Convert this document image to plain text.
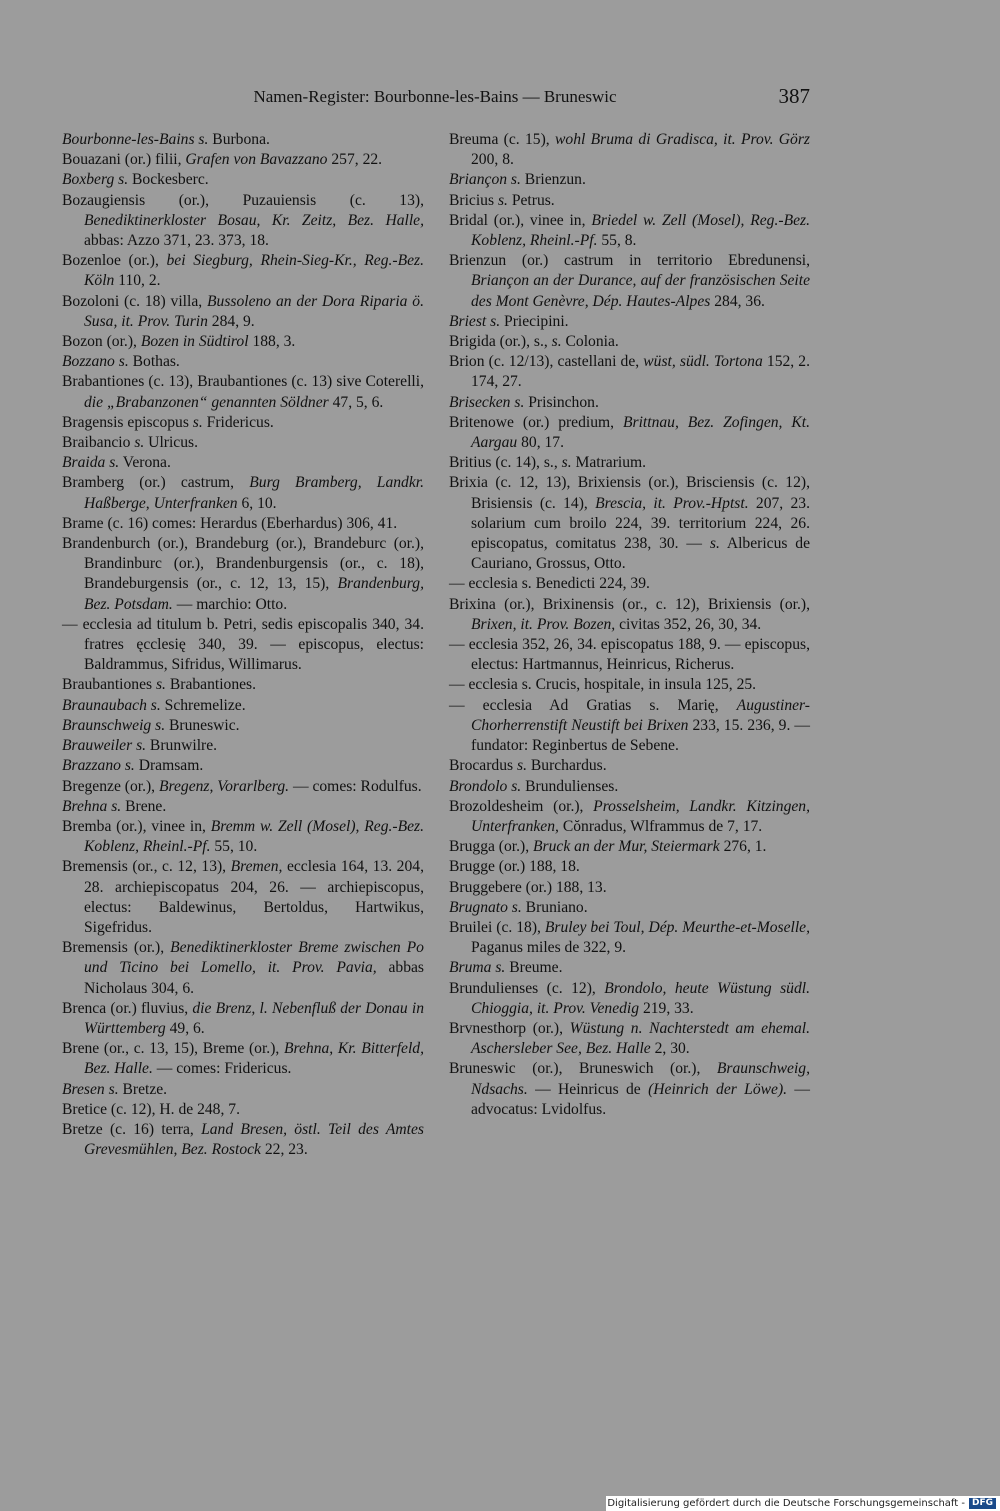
Namen-Register: Bourbonne-les-Bains — Bruneswic	387

Bourbonne-les-Bains s. Burbona.

Bouazani (or.) filii, Grafen von Bavazzano 257, 22.

Boxberg s. Bockesberc.

Bozaugiensis (or.), Puzauiensis (c. 13), Benediktinerkloster Bosau, Kr. Zeitz, Bez. Halle, abbas: Azzo 371, 23. 373, 18.

Bozenloe (or.), bei Siegburg, Rhein-Sieg-Kr., Reg.-Bez. Köln 110, 2.

Bozoloni (c. 18) villa, Bussoleno an der Dora Riparia ö. Susa, it. Prov. Turin 284, 9.

Bozon (or.), Bozen in Südtirol 188, 3.

Bozzano s. Bothas.

Brabantiones (c. 13), Braubantiones (c. 13) sive Coterelli, die „Brabanzonen“ genannten Söldner 47, 5, 6.

Bragensis episcopus s. Fridericus.

Braibancio s. Ulricus.

Braida s. Verona.

Bramberg (or.) castrum, Burg Bramberg, Landkr. Haßberge, Unterfranken 6, 10.

Brame (c. 16) comes: Herardus (Eberhardus) 306, 41.

Brandenburch (or.), Brandeburg (or.), Brandeburc (or.), Brandinburc (or.), Brandenburgensis (or., c. 18), Brandeburgensis (or., c. 12, 13, 15), Brandenburg, Bez. Potsdam. — marchio: Otto.

— ecclesia ad titulum b. Petri, sedis episcopalis 340, 34. fratres ęcclesię 340, 39. — episcopus, electus: Baldrammus, Sifridus, Willimarus.

Braubantiones s. Brabantiones.

Braunaubach s. Schremelize.

Braunschweig s. Bruneswic.

Brauweiler s. Brunwilre.

Brazzano s. Dramsam.

Bregenze (or.), Bregenz, Vorarlberg. — comes: Rodulfus.

Brehna s. Brene.

Bremba (or.), vinee in, Bremm w. Zell (Mosel), Reg.-Bez. Koblenz, Rheinl.-Pf. 55, 10.

Bremensis (or., c. 12, 13), Bremen, ecclesia 164, 13. 204, 28. archiepiscopatus 204, 26. — archiepiscopus, electus: Baldewinus, Bertoldus, Hartwikus, Sigefridus.

Bremensis (or.), Benediktinerkloster Breme zwischen Po und Ticino bei Lomello, it. Prov. Pavia, abbas Nicholaus 304, 6.

Brenca (or.) fluvius, die Brenz, l. Nebenfluß der Donau in Württemberg 49, 6.

Brene (or., c. 13, 15), Breme (or.), Brehna, Kr. Bitterfeld, Bez. Halle. — comes: Fridericus.

Bresen s. Bretze.

Bretice (c. 12), H. de 248, 7.

Bretze (c. 16) terra, Land Bresen, östl. Teil des Amtes Grevesmühlen, Bez. Rostock 22, 23.

Breuma (c. 15), wohl Bruma di Gradisca, it. Prov. Görz 200, 8.

Briançon s. Brienzun.

Bricius s. Petrus.

Bridal (or.), vinee in, Briedel w. Zell (Mosel), Reg.-Bez. Koblenz, Rheinl.-Pf. 55, 8.

Brienzun (or.) castrum in territorio Ebredunensi, Briançon an der Durance, auf der französischen Seite des Mont Genèvre, Dép. Hautes-Alpes 284, 36.

Briest s. Priecipini.

Brigida (or.), s., s. Colonia.

Brion (c. 12/13), castellani de, wüst, südl. Tortona 152, 2. 174, 27.

Brisecken s. Prisinchon.

Britenowe (or.) predium, Brittnau, Bez. Zofingen, Kt. Aargau 80, 17.

Britius (c. 14), s., s. Matrarium.

Brixia (c. 12, 13), Brixiensis (or.), Brisciensis (c. 12), Brisiensis (c. 14), Brescia, it. Prov.-Hptst. 207, 23. solarium cum broilo 224, 39. territorium 224, 26. episcopatus, comitatus 238, 30. — s. Albericus de Cauriano, Grossus, Otto.

— ecclesia s. Benedicti 224, 39.

Brixina (or.), Brixinensis (or., c. 12), Brixiensis (or.), Brixen, it. Prov. Bozen, civitas 352, 26, 30, 34.

— ecclesia 352, 26, 34. episcopatus 188, 9. — episcopus, electus: Hartmannus, Heinricus, Richerus.

— ecclesia s. Crucis, hospitale, in insula 125, 25.

— ecclesia Ad Gratias s. Marię, Augustiner-Chorherrenstift Neustift bei Brixen 233, 15. 236, 9. — fundator: Reginbertus de Sebene.

Brocardus s. Burchardus.

Brondolo s. Brundulienses.

Brozoldesheim (or.), Prosselsheim, Landkr. Kitzingen, Unterfranken, Cŏnradus, Wlframmus de 7, 17.

Brugga (or.), Bruck an der Mur, Steiermark 276, 1.

Brugge (or.) 188, 18.

Bruggebere (or.) 188, 13.

Brugnato s. Bruniano.

Bruilei (c. 18), Bruley bei Toul, Dép. Meurthe-et-Moselle, Paganus miles de 322, 9.

Bruma s. Breume.

Brundulienses (c. 12), Brondolo, heute Wüstung südl. Chioggia, it. Prov. Venedig 219, 33.

Brvnesthorp (or.), Wüstung n. Nachterstedt am ehemal. Aschersleber See, Bez. Halle 2, 30.

Bruneswic (or.), Bruneswich (or.), Braunschweig, Ndsachs. — Heinricus de (Heinrich der Löwe). — advocatus: Lvidolfus.

Digitalisierung gefördert durch die Deutsche Forschungsgemeinschaft - DFG
